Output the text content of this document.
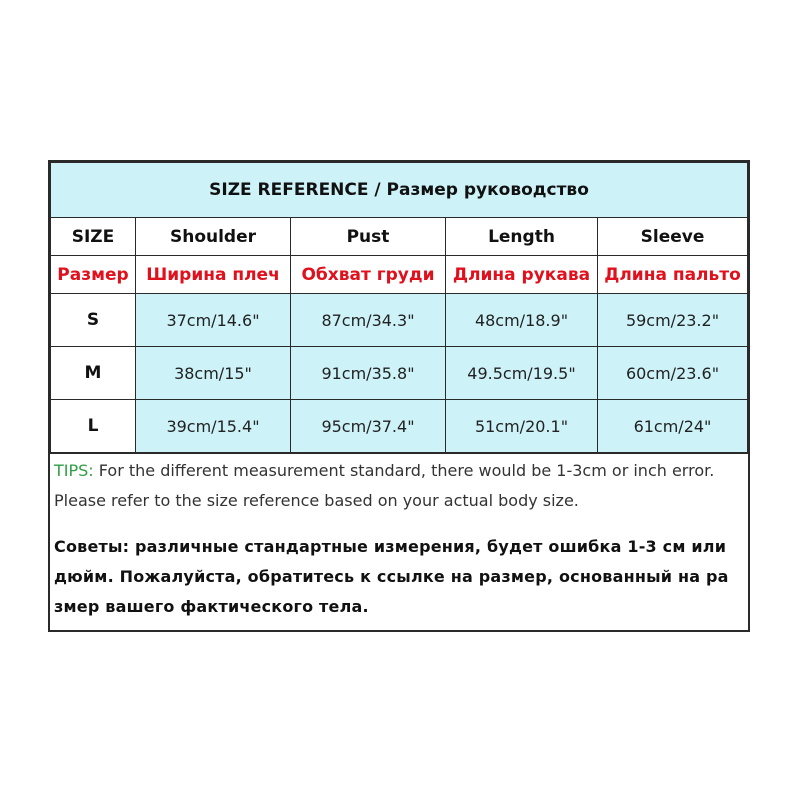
SIZE REFERENCE / Размер руководство				
SIZE	Shoulder	Pust	Length	Sleeve
Размер	Ширина плеч	Обхват груди	Длина рукава	Длина пальто
S	37cm/14.6"	87cm/34.3"	48cm/18.9"	59cm/23.2"
M	38cm/15"	91cm/35.8"	49.5cm/19.5"	60cm/23.6"
L	39cm/15.4"	95cm/37.4"	51cm/20.1"	61cm/24"
TIPS: For the different measurement standard, there would be 1-3cm or inch error. Please refer to the size reference based on your actual body size.
Советы: различные стандартные измерения, будет ошибка 1-3 см или дюйм. Пожалуйста, обратитесь к ссылке на размер, основанный на ра змер вашего фактического тела.
